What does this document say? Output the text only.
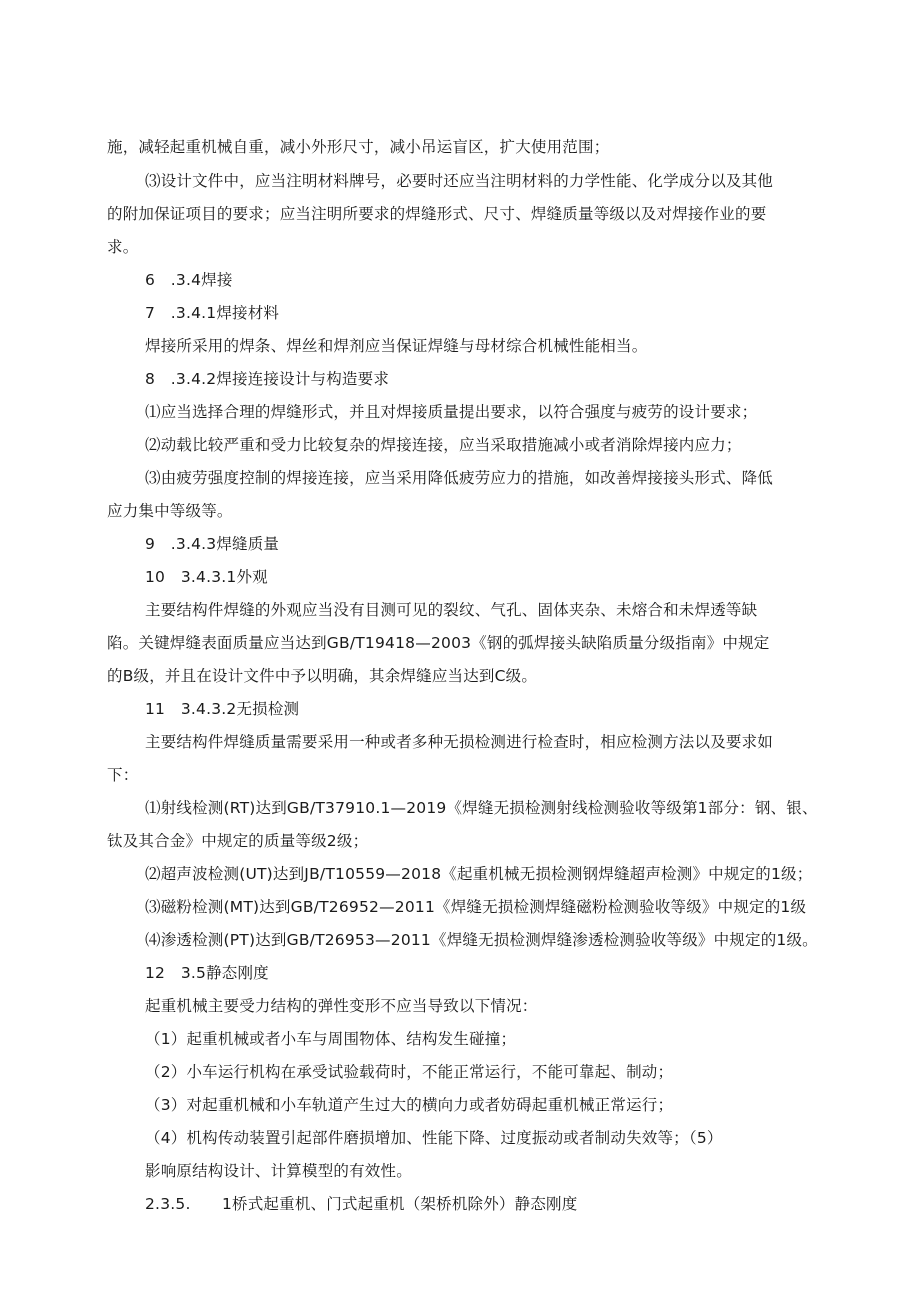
施，减轻起重机械自重，减小外形尺寸，减小吊运盲区，扩大使用范围；
⑶设计文件中，应当注明材料牌号，必要时还应当注明材料的力学性能、化学成分以及其他
的附加保证项目的要求；应当注明所要求的焊缝形式、尺寸、焊缝质量等级以及对焊接作业的要
求。
6　.3.4焊接
7　.3.4.1焊接材料
焊接所采用的焊条、焊丝和焊剂应当保证焊缝与母材综合机械性能相当。
8　.3.4.2焊接连接设计与构造要求
⑴应当选择合理的焊缝形式，并且对焊接质量提出要求，以符合强度与疲劳的设计要求；
⑵动载比较严重和受力比较复杂的焊接连接，应当采取措施减小或者消除焊接内应力；
⑶由疲劳强度控制的焊接连接，应当采用降低疲劳应力的措施，如改善焊接接头形式、降低
应力集中等级等。
9　.3.4.3焊缝质量
10　3.4.3.1外观
主要结构件焊缝的外观应当没有目测可见的裂纹、气孔、固体夹杂、未熔合和未焊透等缺
陷。关键焊缝表面质量应当达到GB/T19418—2003《钢的弧焊接头缺陷质量分级指南》中规定
的B级，并且在设计文件中予以明确，其余焊缝应当达到C级。
11　3.4.3.2无损检测
主要结构件焊缝质量需要采用一种或者多种无损检测进行检查时，相应检测方法以及要求如
下：
⑴射线检测(RT)达到GB/T37910.1—2019《焊缝无损检测射线检测验收等级第1部分：钢、银、
钛及其合金》中规定的质量等级2级；
⑵超声波检测(UT)达到JB/T10559—2018《起重机械无损检测钢焊缝超声检测》中规定的1级；
⑶磁粉检测(MT)达到GB/T26952—2011《焊缝无损检测焊缝磁粉检测验收等级》中规定的1级
⑷渗透检测(PT)达到GB/T26953—2011《焊缝无损检测焊缝渗透检测验收等级》中规定的1级。
12　3.5静态刚度
起重机械主要受力结构的弹性变形不应当导致以下情况：
（1）起重机械或者小车与周围物体、结构发生碰撞；
（2）小车运行机构在承受试验载荷时，不能正常运行，不能可靠起、制动；
（3）对起重机械和小车轨道产生过大的横向力或者妨碍起重机械正常运行；
（4）机构传动装置引起部件磨损增加、性能下降、过度振动或者制动失效等；（5）
影响原结构设计、计算模型的有效性。
2.3.5.　　1桥式起重机、门式起重机（架桥机除外）静态刚度
